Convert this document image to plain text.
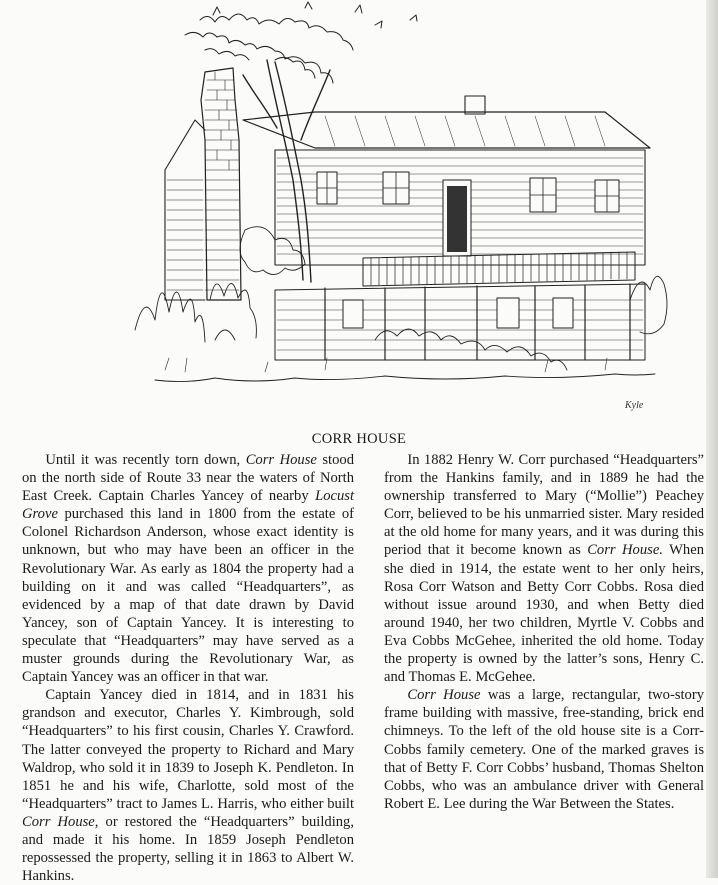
Kyle
CORR HOUSE

Until it was recently torn down, Corr House stood on the north side of Route 33 near the waters of North East Creek. Captain Charles Yancey of nearby Locust Grove purchased this land in 1800 from the estate of Colonel Richardson Anderson, whose exact identity is unknown, but who may have been an officer in the Revolutionary War. As early as 1804 the property had a building on it and was called “Headquarters”, as evidenced by a map of that date drawn by David Yancey, son of Captain Yancey. It is interesting to speculate that “Headquarters” may have served as a muster grounds during the Revolutionary War, as Captain Yancey was an officer in that war.

Captain Yancey died in 1814, and in 1831 his grandson and executor, Charles Y. Kimbrough, sold “Headquarters” to his first cousin, Charles Y. Crawford. The latter conveyed the property to Richard and Mary Waldrop, who sold it in 1839 to Joseph K. Pendleton. In 1851 he and his wife, Charlotte, sold most of the “Headquarters” tract to James L. Harris, who either built Corr House, or restored the “Headquarters” building, and made it his home. In 1859 Joseph Pendleton repossessed the property, selling it in 1863 to Albert W. Hankins.

In 1882 Henry W. Corr purchased “Headquarters” from the Hankins family, and in 1889 he had the ownership transferred to Mary (“Mollie”) Peachey Corr, believed to be his unmarried sister. Mary resided at the old home for many years, and it was during this period that it become known as Corr House. When she died in 1914, the estate went to her only heirs, Rosa Corr Watson and Betty Corr Cobbs. Rosa died without issue around 1930, and when Betty died around 1940, her two children, Myrtle V. Cobbs and Eva Cobbs McGehee, inherited the old home. Today the property is owned by the latter’s sons, Henry C. and Thomas E. McGehee.

Corr House was a large, rectangular, two-story frame building with massive, free-standing, brick end chimneys. To the left of the old house site is a Corr-Cobbs family cemetery. One of the marked graves is that of Betty F. Corr Cobbs’ husband, Thomas Shelton Cobbs, who was an ambulance driver with General Robert E. Lee during the War Between the States.
